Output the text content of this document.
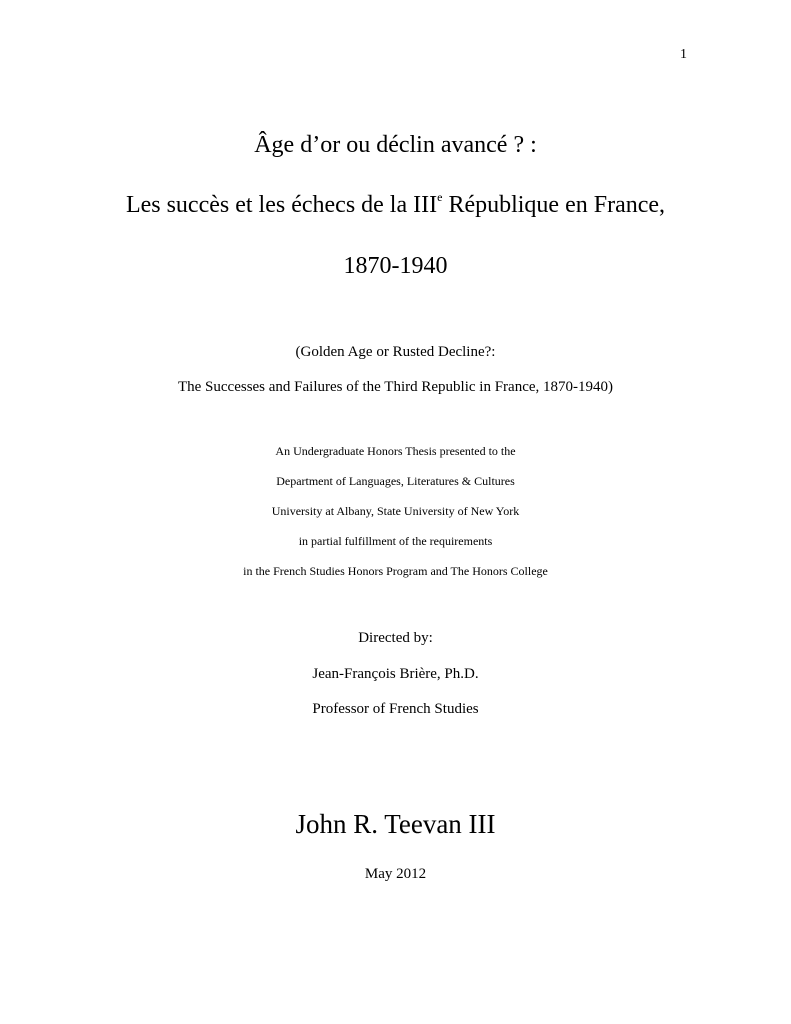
1
Âge d’or ou déclin avancé ? :
Les succès et les échecs de la IIIe République en France,
1870-1940
(Golden Age or Rusted Decline?:
The Successes and Failures of the Third Republic in France, 1870-1940)
An Undergraduate Honors Thesis presented to the
Department of Languages, Literatures & Cultures
University at Albany, State University of New York
in partial fulfillment of the requirements
in the French Studies Honors Program and The Honors College
Directed by:
Jean-François Brière, Ph.D.
Professor of French Studies
John R. Teevan III
May 2012
